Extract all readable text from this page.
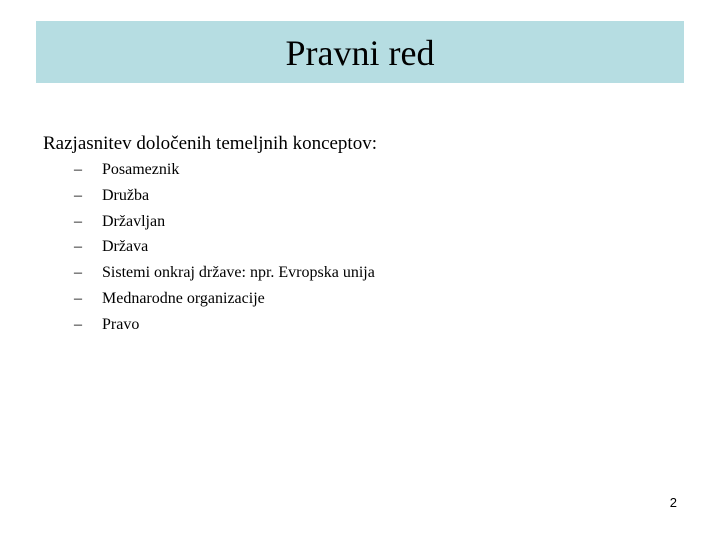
Pravni red
Razjasnitev določenih temeljnih konceptov:
– Posameznik
– Družba
– Državljan
– Država
– Sistemi onkraj države: npr. Evropska unija
– Mednarodne organizacije
– Pravo
2
